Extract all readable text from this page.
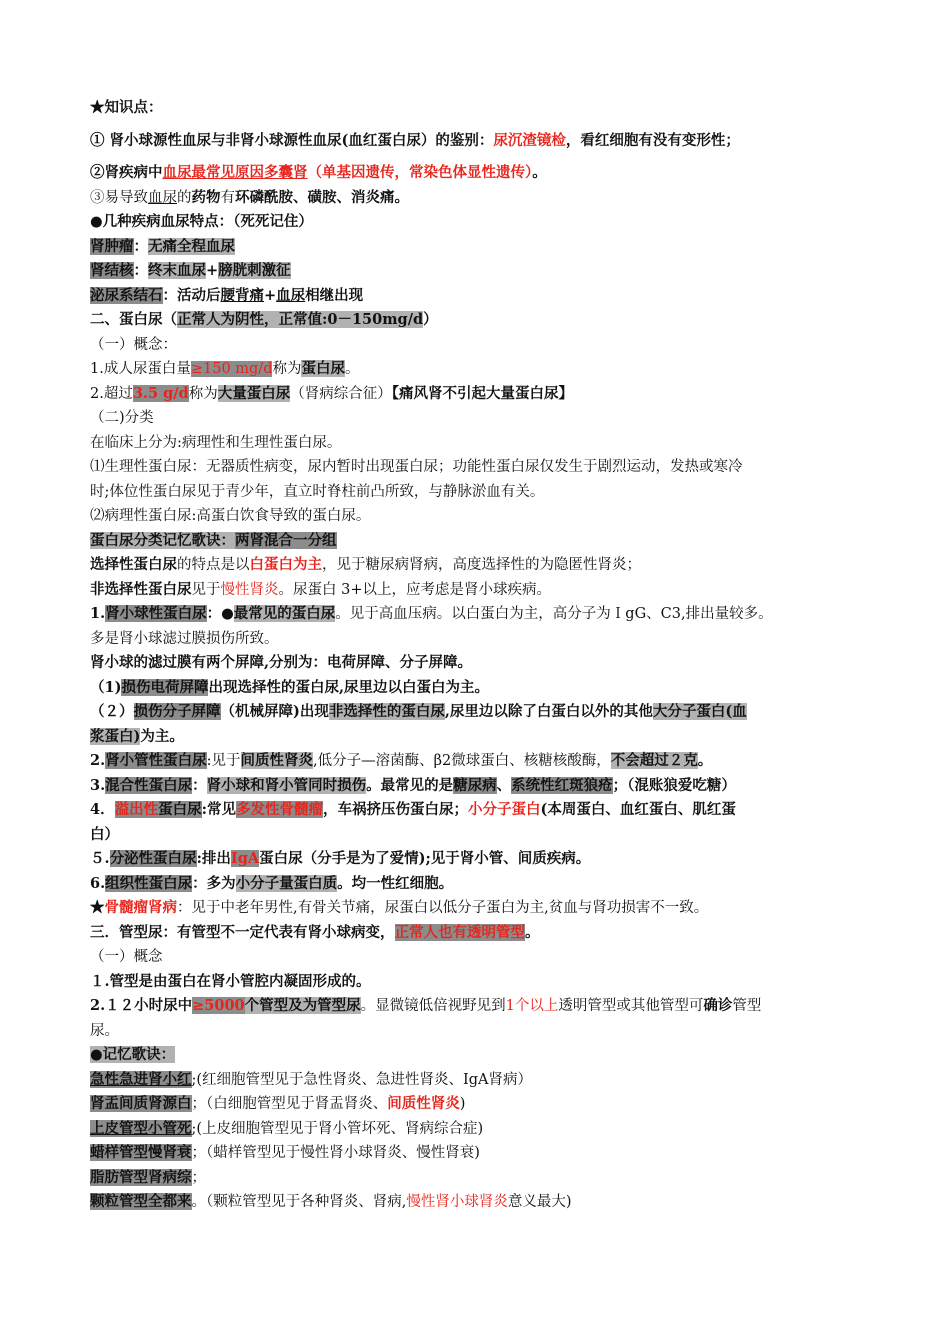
★知识点：
① 肾小球源性血尿与非肾小球源性血尿(血红蛋白尿）的鉴别：尿沉渣镜检，看红细胞有没有变形性；
②肾疾病中血尿最常见原因多囊肾（单基因遗传，常染色体显性遗传）。
③易导致血尿的药物有环磷酰胺、磺胺、消炎痛。
●几种疾病血尿特点：（死死记住）
肾肿瘤：无痛全程血尿
肾结核：终末血尿+膀胱刺激征
泌尿系结石：活动后腰背痛+血尿相继出现
二、蛋白尿（正常人为阴性，正常值:0－150mg/d）
（一）概念：
1.成人尿蛋白量≥150 mg/d称为蛋白尿。
2.超过3.5 g/d称为大量蛋白尿（肾病综合征）【痛风肾不引起大量蛋白尿】
（二)分类
在临床上分为:病理性和生理性蛋白尿。
⑴生理性蛋白尿：无器质性病变，尿内暂时出现蛋白尿；功能性蛋白尿仅发生于剧烈运动，发热或寒冷
时;体位性蛋白尿见于青少年，直立时脊柱前凸所致，与静脉淤血有关。
⑵病理性蛋白尿:高蛋白饮食导致的蛋白尿。
蛋白尿分类记忆歌诀：两肾混合一分组
选择性蛋白尿的特点是以白蛋白为主，见于糖尿病肾病，高度选择性的为隐匿性肾炎；
非选择性蛋白尿见于慢性肾炎。尿蛋白 3+以上，应考虑是肾小球疾病。
1.肾小球性蛋白尿：●最常见的蛋白尿。见于高血压病。以白蛋白为主，高分子为ＩgG、C3,排出量较多。
多是肾小球滤过膜损伤所致。
肾小球的滤过膜有两个屏障,分别为：电荷屏障、分子屏障。
（1)损伤电荷屏障出现选择性的蛋白尿,尿里边以白蛋白为主。
（２）损伤分子屏障（机械屏障)出现非选择性的蛋白尿,尿里边以除了白蛋白以外的其他大分子蛋白(血
浆蛋白)为主。
2.肾小管性蛋白尿:见于间质性肾炎,低分子—溶菌酶、β2微球蛋白、核糖核酸酶，不会超过２克。
3.混合性蛋白尿：肾小球和肾小管同时损伤。最常见的是糖尿病、系统性红斑狼疮；（混账狼爱吃糖）
4．溢出性蛋白尿:常见多发性骨髓瘤，车祸挤压伤蛋白尿；小分子蛋白(本周蛋白、血红蛋白、肌红蛋
白）
５.分泌性蛋白尿:排出IgA蛋白尿（分手是为了爱情);见于肾小管、间质疾病。
6.组织性蛋白尿：多为小分子量蛋白质。均一性红细胞。
★骨髓瘤肾病：见于中老年男性,有骨关节痛，尿蛋白以低分子蛋白为主,贫血与肾功损害不一致。
三．管型尿：有管型不一定代表有肾小球病变，正常人也有透明管型。
（一）概念
１.管型是由蛋白在肾小管腔内凝固形成的。
2.１２小时尿中≥5000个管型及为管型尿。显微镜低倍视野见到1个以上透明管型或其他管型可确诊管型
尿。
●记忆歌诀：
急性急进肾小红;(红细胞管型见于急性肾炎、急进性肾炎、IgA肾病）
肾盂间质肾源白；（白细胞管型见于肾盂肾炎、间质性肾炎)
上皮管型小管死;(上皮细胞管型见于肾小管坏死、肾病综合症)
蜡样管型慢肾衰；（蜡样管型见于慢性肾小球肾炎、慢性肾衰)
脂肪管型肾病综；
颗粒管型全都来。（颗粒管型见于各种肾炎、肾病,慢性肾小球肾炎意义最大)
